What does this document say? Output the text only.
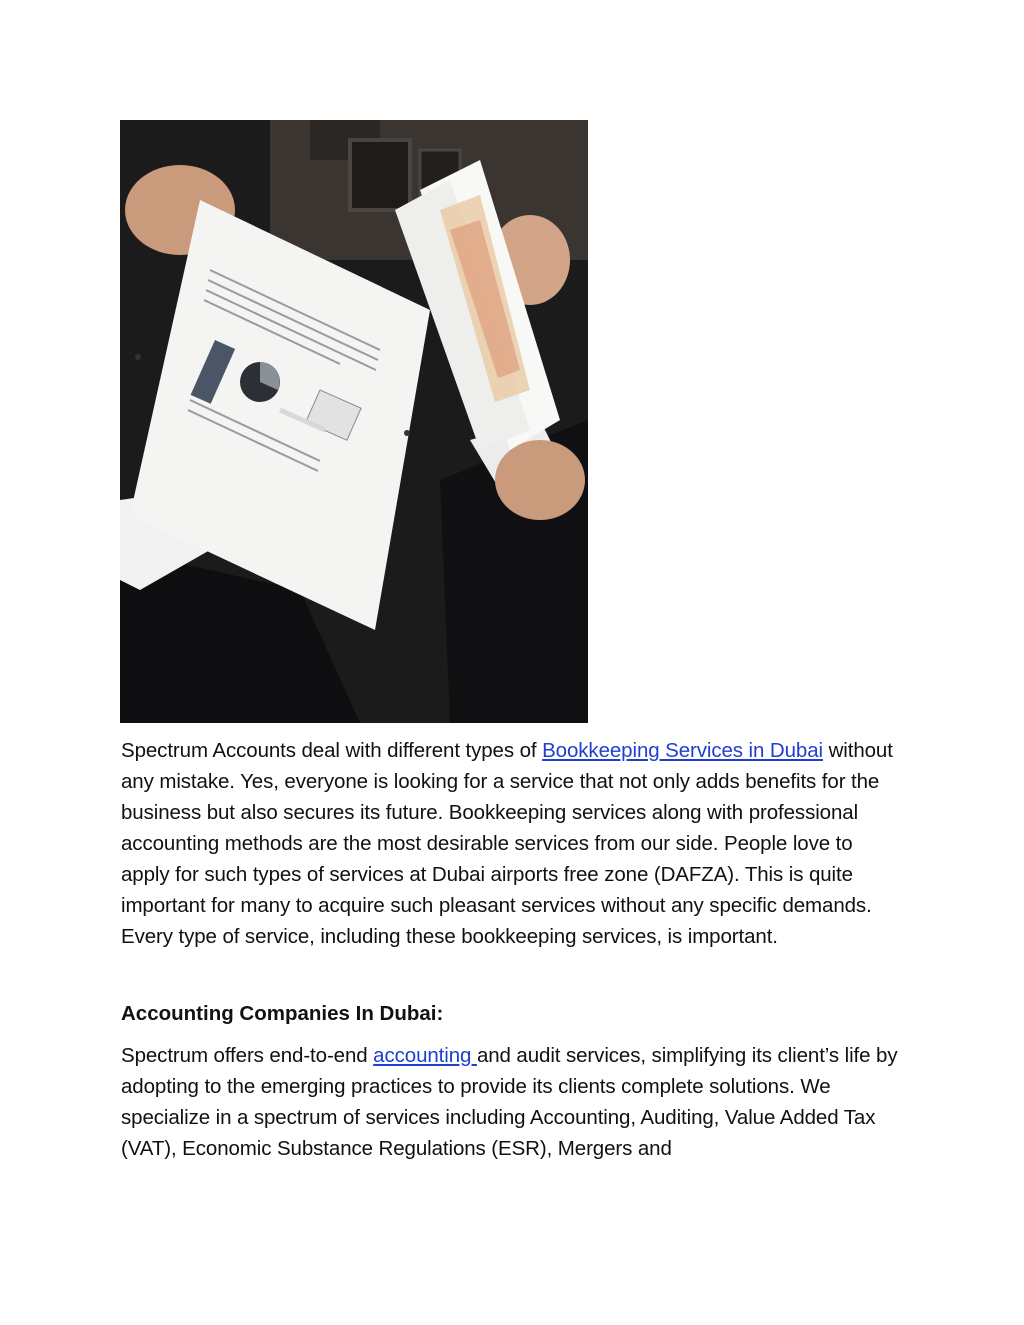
Spectrum Accounts deal with different types of Bookkeeping Services in Dubai without any mistake. Yes, everyone is looking for a service that not only adds benefits for the business but also secures its future. Bookkeeping services along with professional accounting methods are the most desirable services from our side. People love to apply for such types of services at Dubai airports free zone (DAFZA). This is quite important for many to acquire such pleasant services without any specific demands. Every type of service, including these bookkeeping services, is important.
Accounting Companies In Dubai:
Spectrum offers end-to-end accounting and audit services, simplifying its client’s life by adopting to the emerging practices to provide its clients complete solutions. We specialize in a spectrum of services including Accounting, Auditing, Value Added Tax (VAT), Economic Substance Regulations (ESR), Mergers and
